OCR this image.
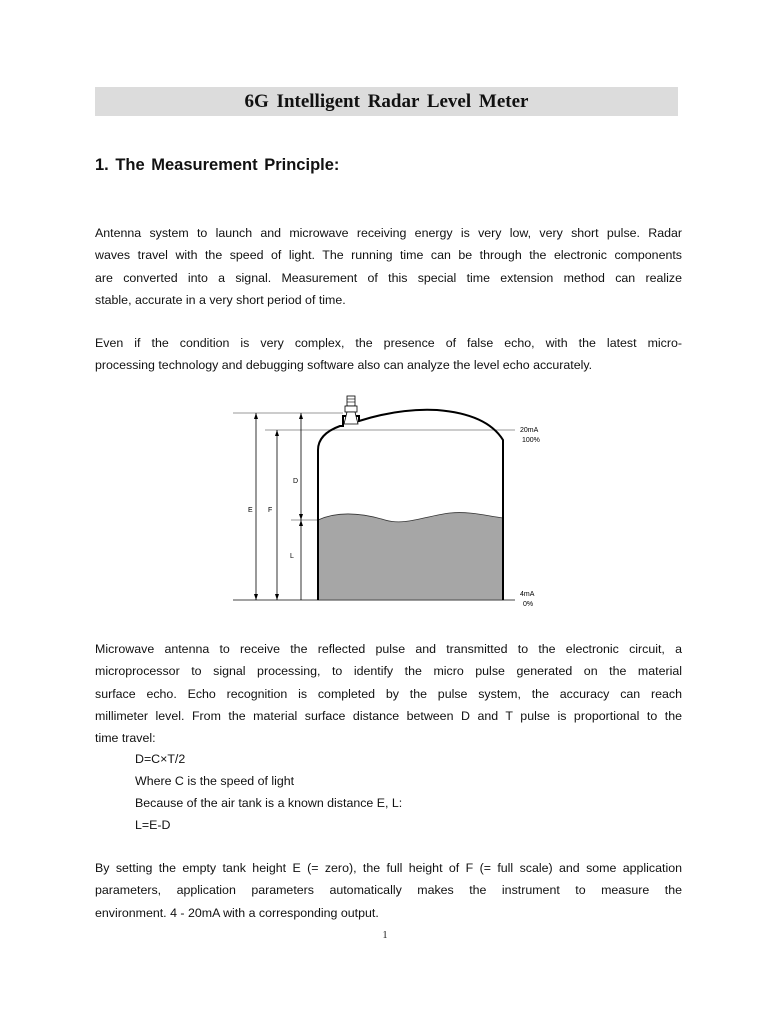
6G Intelligent Radar Level Meter
1. The Measurement Principle:

Antenna system to launch and microwave receiving energy is very low, very short pulse. Radar
waves travel with the speed of light. The running time can be through the electronic components
are converted into a signal. Measurement of this special time extension method can realize
stable, accurate in a very short period of time.

Even if the condition is very complex, the presence of false echo, with the latest micro-
processing technology and debugging software also can analyze the level echo accurately.

E F
D
L
20mA
100%
4mA
0%

Microwave antenna to receive the reflected pulse and transmitted to the electronic circuit, a
microprocessor to signal processing, to identify the micro pulse generated on the material
surface echo. Echo recognition is completed by the pulse system, the accuracy can reach
millimeter level. From the material surface distance between D and T pulse is proportional to the
time travel:

D=C×T/2
Where C is the speed of light
Because of the air tank is a known distance E, L:
L=E-D

By setting the empty tank height E (= zero), the full height of F (= full scale) and some application
parameters, application parameters automatically makes the instrument to measure the
environment. 4 - 20mA with a corresponding output.

1
